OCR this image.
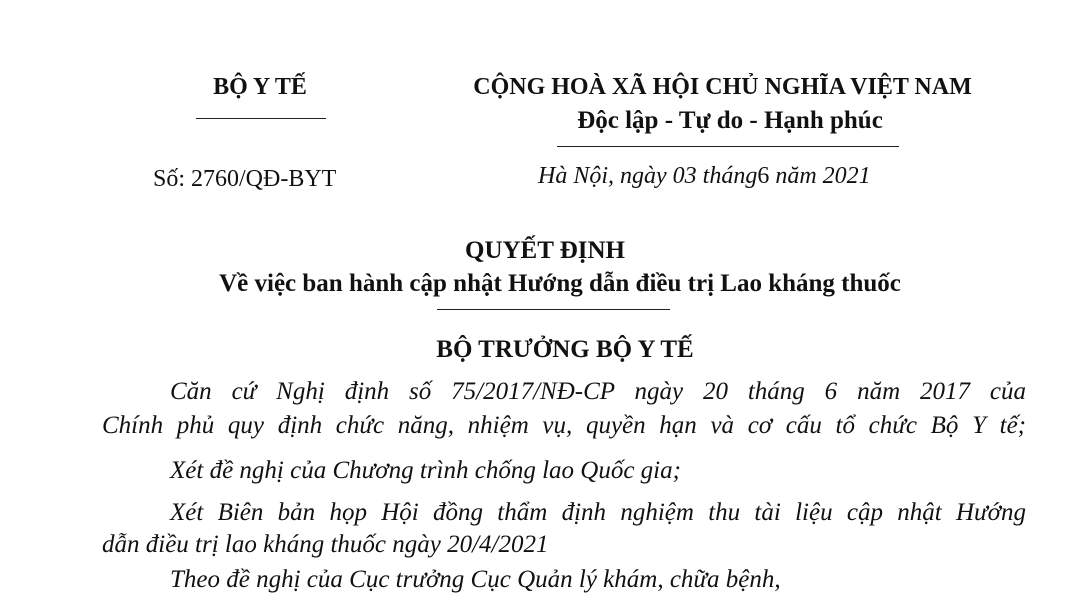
BỘ Y TẾ	CỘNG HOÀ XÃ HỘI CHỦ NGHĨA VIỆT NAM
Độc lập - Tự do - Hạnh phúc
Số: 2760/QĐ-BYT	Hà Nội, ngày 03 tháng6 năm 2021
QUYẾT ĐỊNH
Về việc ban hành cập nhật Hướng dẫn điều trị Lao kháng thuốc
BỘ TRƯỞNG BỘ Y TẾ
Căn cứ Nghị định số 75/2017/NĐ-CP ngày 20 tháng 6 năm 2017 của
Chính phủ quy định chức năng, nhiệm vụ, quyền hạn và cơ cấu tổ chức Bộ Y tế;
Xét đề nghị của Chương trình chống lao Quốc gia;
Xét Biên bản họp Hội đồng thẩm định nghiệm thu tài liệu cập nhật Hướng
dẫn điều trị lao kháng thuốc ngày 20/4/2021
Theo đề nghị của Cục trưởng Cục Quản lý khám, chữa bệnh,
